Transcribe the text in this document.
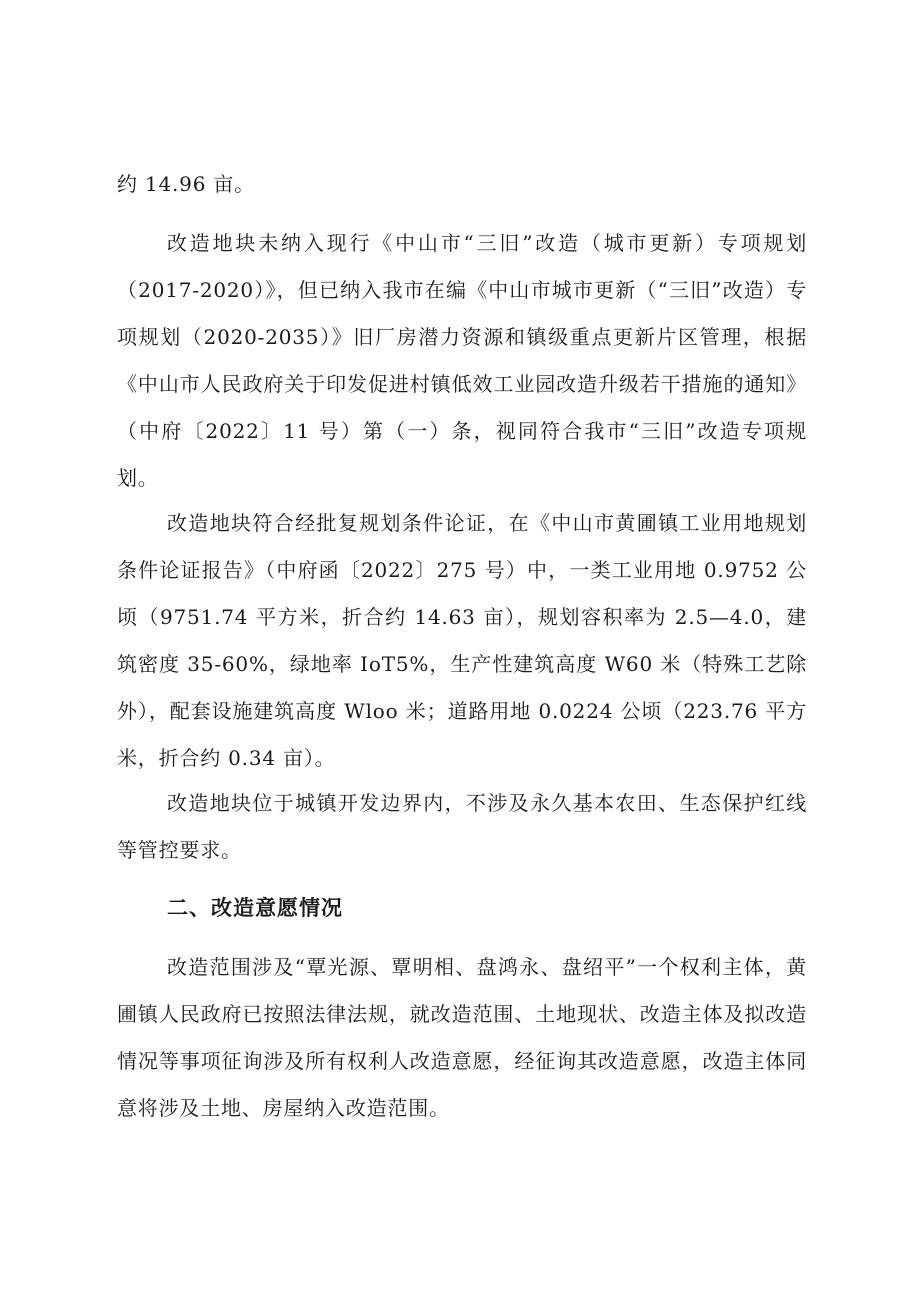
约 14.96 亩。

改造地块未纳入现行《中山市“三旧”改造（城市更新）专项规划（2017-2020）》，但已纳入我市在编《中山市城市更新（“三旧”改造）专项规划（2020-2035）》旧厂房潜力资源和镇级重点更新片区管理，根据《中山市人民政府关于印发促进村镇低效工业园改造升级若干措施的通知》（中府〔2022〕11 号）第（一）条，视同符合我市“三旧”改造专项规划。

改造地块符合经批复规划条件论证，在《中山市黄圃镇工业用地规划条件论证报告》（中府函〔2022〕275 号）中，一类工业用地 0.9752 公顷（9751.74 平方米，折合约 14.63 亩），规划容积率为 2.5—4.0，建筑密度 35-60%，绿地率 IoT5%，生产性建筑高度 W60 米（特殊工艺除外），配套设施建筑高度 Wloo 米；道路用地 0.0224 公顷（223.76 平方米，折合约 0.34 亩）。

改造地块位于城镇开发边界内，不涉及永久基本农田、生态保护红线等管控要求。

二、改造意愿情况

改造范围涉及“覃光源、覃明相、盘鸿永、盘绍平”一个权利主体，黄圃镇人民政府已按照法律法规，就改造范围、土地现状、改造主体及拟改造情况等事项征询涉及所有权利人改造意愿，经征询其改造意愿，改造主体同意将涉及土地、房屋纳入改造范围。
